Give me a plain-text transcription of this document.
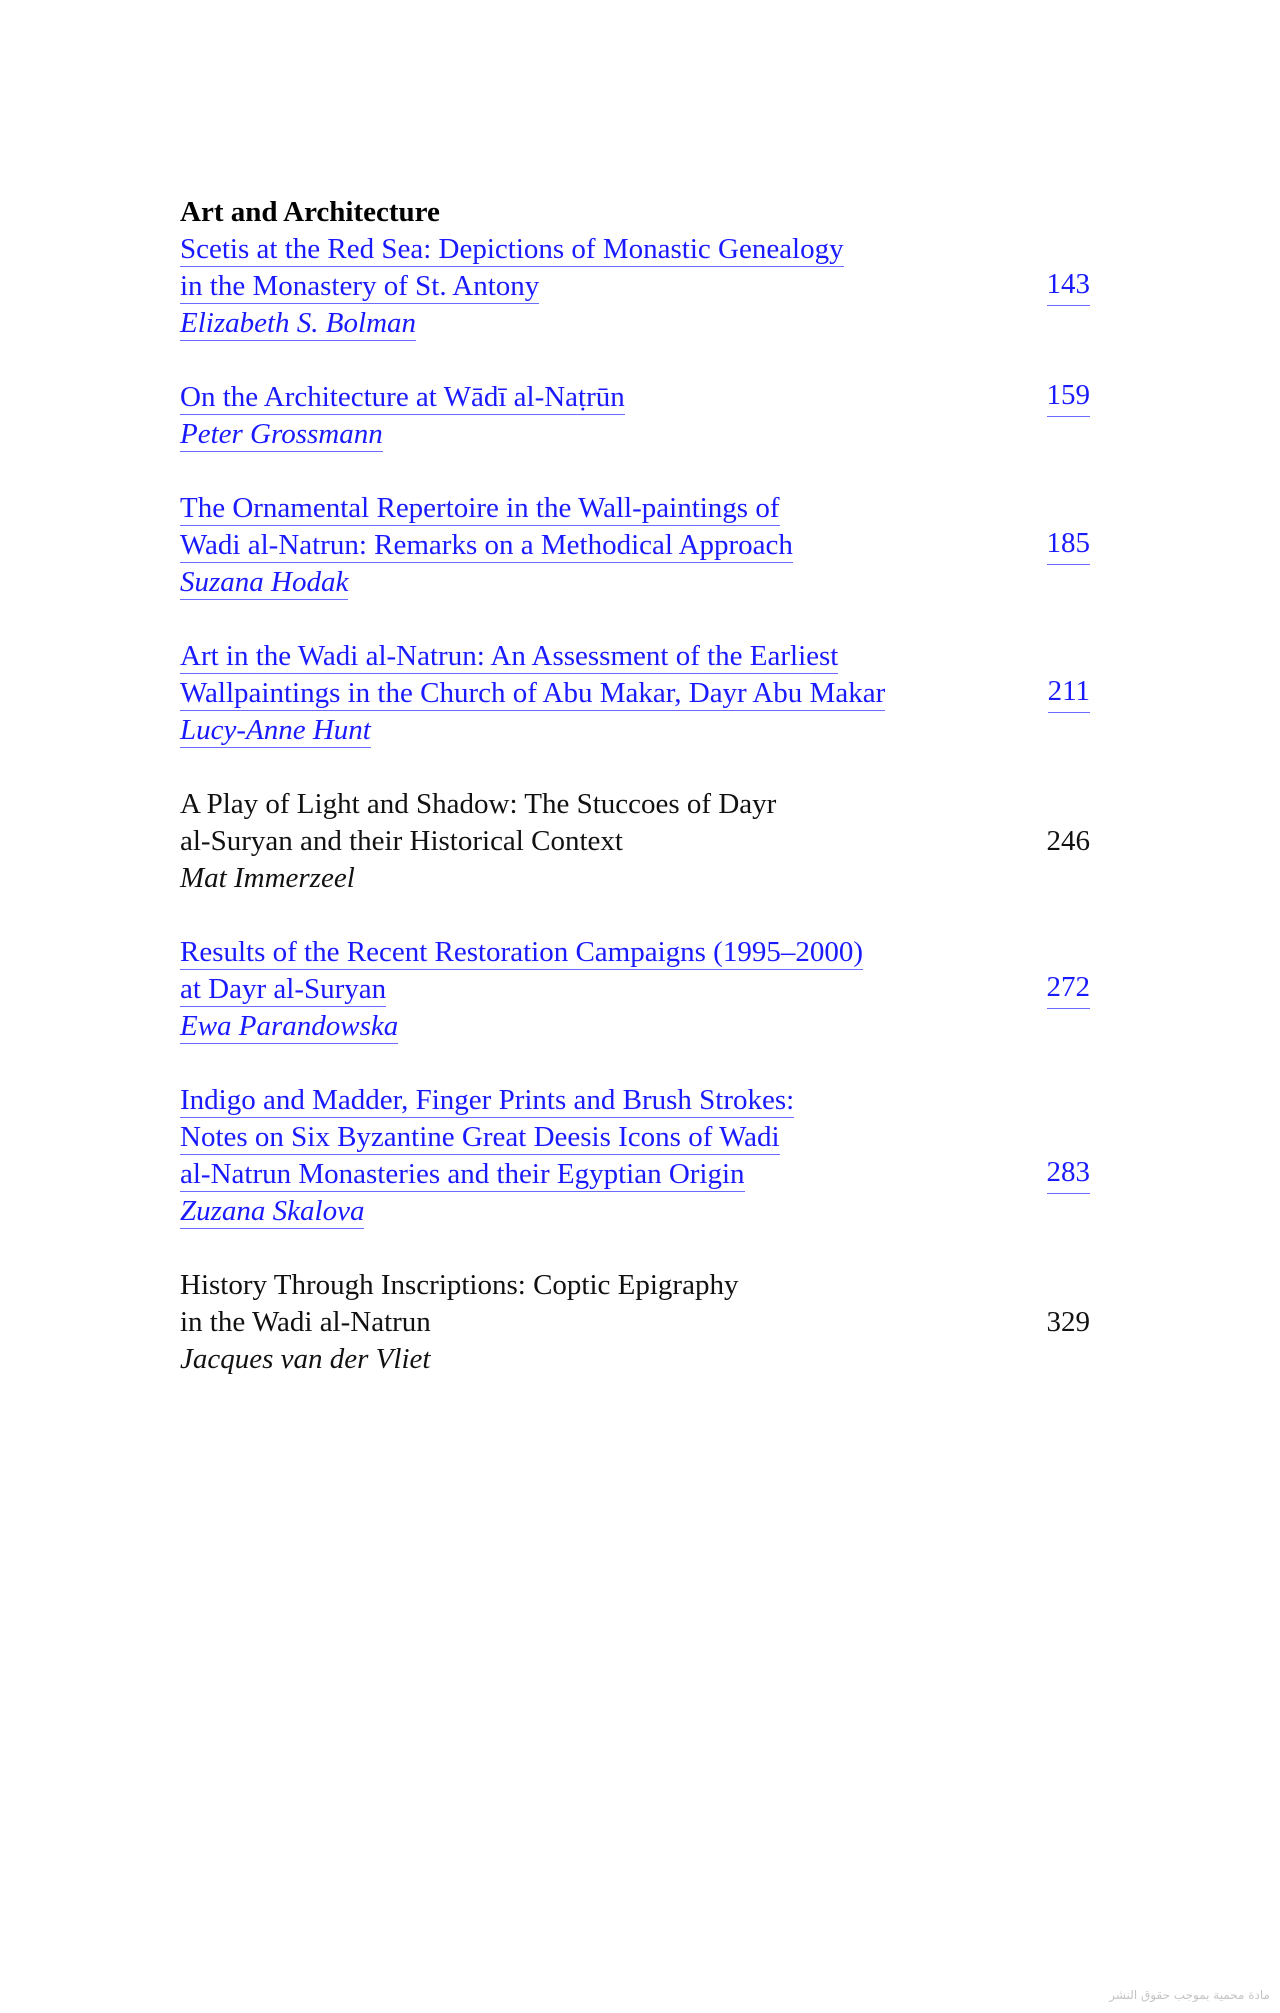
Art and Architecture
Scetis at the Red Sea: Depictions of Monastic Genealogy
in the Monastery of St. Antony	143
Elizabeth S. Bolman
On the Architecture at Wādī al-Naṭrūn	159
Peter Grossmann
The Ornamental Repertoire in the Wall-paintings of
Wadi al-Natrun: Remarks on a Methodical Approach	185
Suzana Hodak
Art in the Wadi al-Natrun: An Assessment of the Earliest
Wallpaintings in the Church of Abu Makar, Dayr Abu Makar	211
Lucy-Anne Hunt
A Play of Light and Shadow: The Stuccoes of Dayr
al-Suryan and their Historical Context	246
Mat Immerzeel
Results of the Recent Restoration Campaigns (1995–2000)
at Dayr al-Suryan	272
Ewa Parandowska
Indigo and Madder, Finger Prints and Brush Strokes:
Notes on Six Byzantine Great Deesis Icons of Wadi
al-Natrun Monasteries and their Egyptian Origin	283
Zuzana Skalova
History Through Inscriptions: Coptic Epigraphy
in the Wadi al-Natrun	329
Jacques van der Vliet
مادة محمية بموجب حقوق النشر
